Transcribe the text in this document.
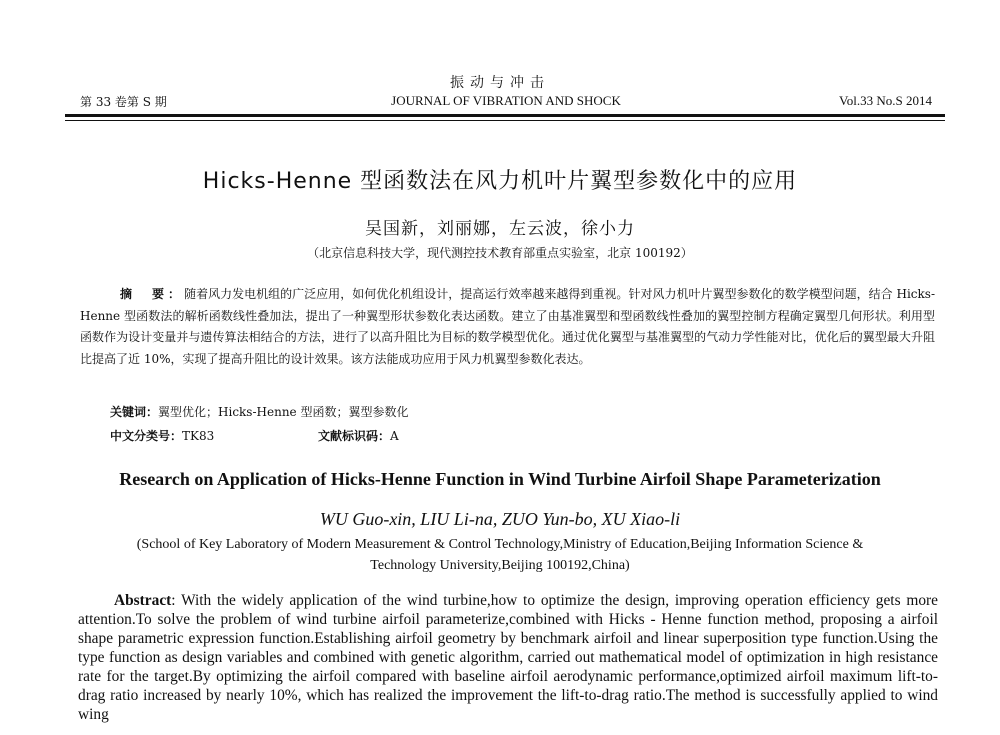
振动与冲击
第 33 卷第 S 期	JOURNAL OF VIBRATION AND SHOCK	Vol.33 No.S 2014
Hicks-Henne 型函数法在风力机叶片翼型参数化中的应用
吴国新，刘丽娜，左云波，徐小力
（北京信息科技大学，现代测控技术教育部重点实验室，北京 100192）
摘　要：随着风力发电机组的广泛应用，如何优化机组设计，提高运行效率越来越得到重视。针对风力机叶片翼型参数化的数学模型问题，结合 Hicks-Henne 型函数法的解析函数线性叠加法，提出了一种翼型形状参数化表达函数。建立了由基准翼型和型函数线性叠加的翼型控制方程确定翼型几何形状。利用型函数作为设计变量并与遗传算法相结合的方法，进行了以高升阻比为目标的数学模型优化。通过优化翼型与基准翼型的气动力学性能对比，优化后的翼型最大升阻比提高了近 10%，实现了提高升阻比的设计效果。该方法能成功应用于风力机翼型参数化表达。
关键词：翼型优化；Hicks-Henne 型函数；翼型参数化
中文分类号：TK83	文献标识码：A
Research on Application of Hicks-Henne Function in Wind Turbine Airfoil Shape Parameterization
WU Guo-xin, LIU Li-na, ZUO Yun-bo, XU Xiao-li
(School of Key Laboratory of Modern Measurement & Control Technology,Ministry of Education,Beijing Information Science & Technology University,Beijing 100192,China)
Abstract: With the widely application of the wind turbine,how to optimize the design, improving operation efficiency gets more attention.To solve the problem of wind turbine airfoil parameterize,combined with Hicks - Henne function method, proposing a airfoil shape parametric expression function.Establishing airfoil geometry by benchmark airfoil and linear superposition type function.Using the type function as design variables and combined with genetic algorithm, carried out mathematical model of optimization in high resistance rate for the target.By optimizing the airfoil compared with baseline airfoil aerodynamic performance,optimized airfoil maximum lift-to-drag ratio increased by nearly 10%, which has realized the improvement the lift-to-drag ratio.The method is successfully applied to wind wing
